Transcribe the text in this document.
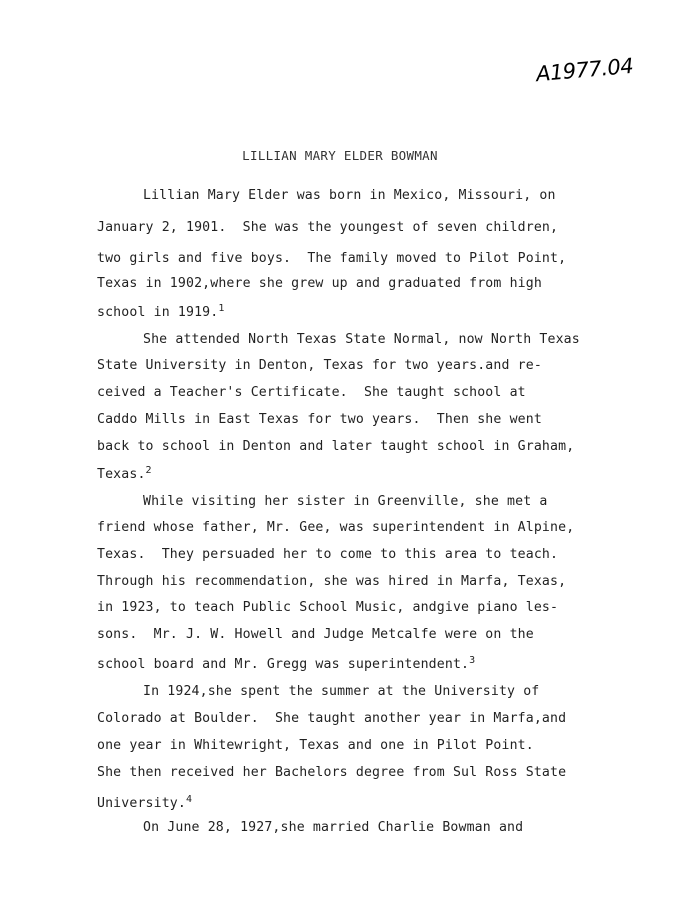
A1977.04
LILLIAN MARY ELDER BOWMAN
Lillian Mary Elder was born in Mexico, Missouri, on
January 2, 1901.  She was the youngest of seven children,
two girls and five boys.  The family moved to Pilot Point,
Texas in 1902,where she grew up and graduated from high
school in 1919.$^1$
She attended North Texas State Normal, now North Texas
State University in Denton, Texas for two years.and re-
ceived a Teacher's Certificate.  She taught school at
Caddo Mills in East Texas for two years.  Then she went
back to school in Denton and later taught school in Graham,
Texas.$^2$
While visiting her sister in Greenville, she met a
friend whose father, Mr. Gee, was superintendent in Alpine,
Texas.  They persuaded her to come to this area to teach.
Through his recommendation, she was hired in Marfa, Texas,
in 1923, to teach Public School Music, andgive piano les-
sons.  Mr. J. W. Howell and Judge Metcalfe were on the
school board and Mr. Gregg was superintendent.$^3$
In 1924,she spent the summer at the University of
Colorado at Boulder.  She taught another year in Marfa,and
one year in Whitewright, Texas and one in Pilot Point.
She then received her Bachelors degree from Sul Ross State
University.$^4$
On June 28, 1927,she married Charlie Bowman and
